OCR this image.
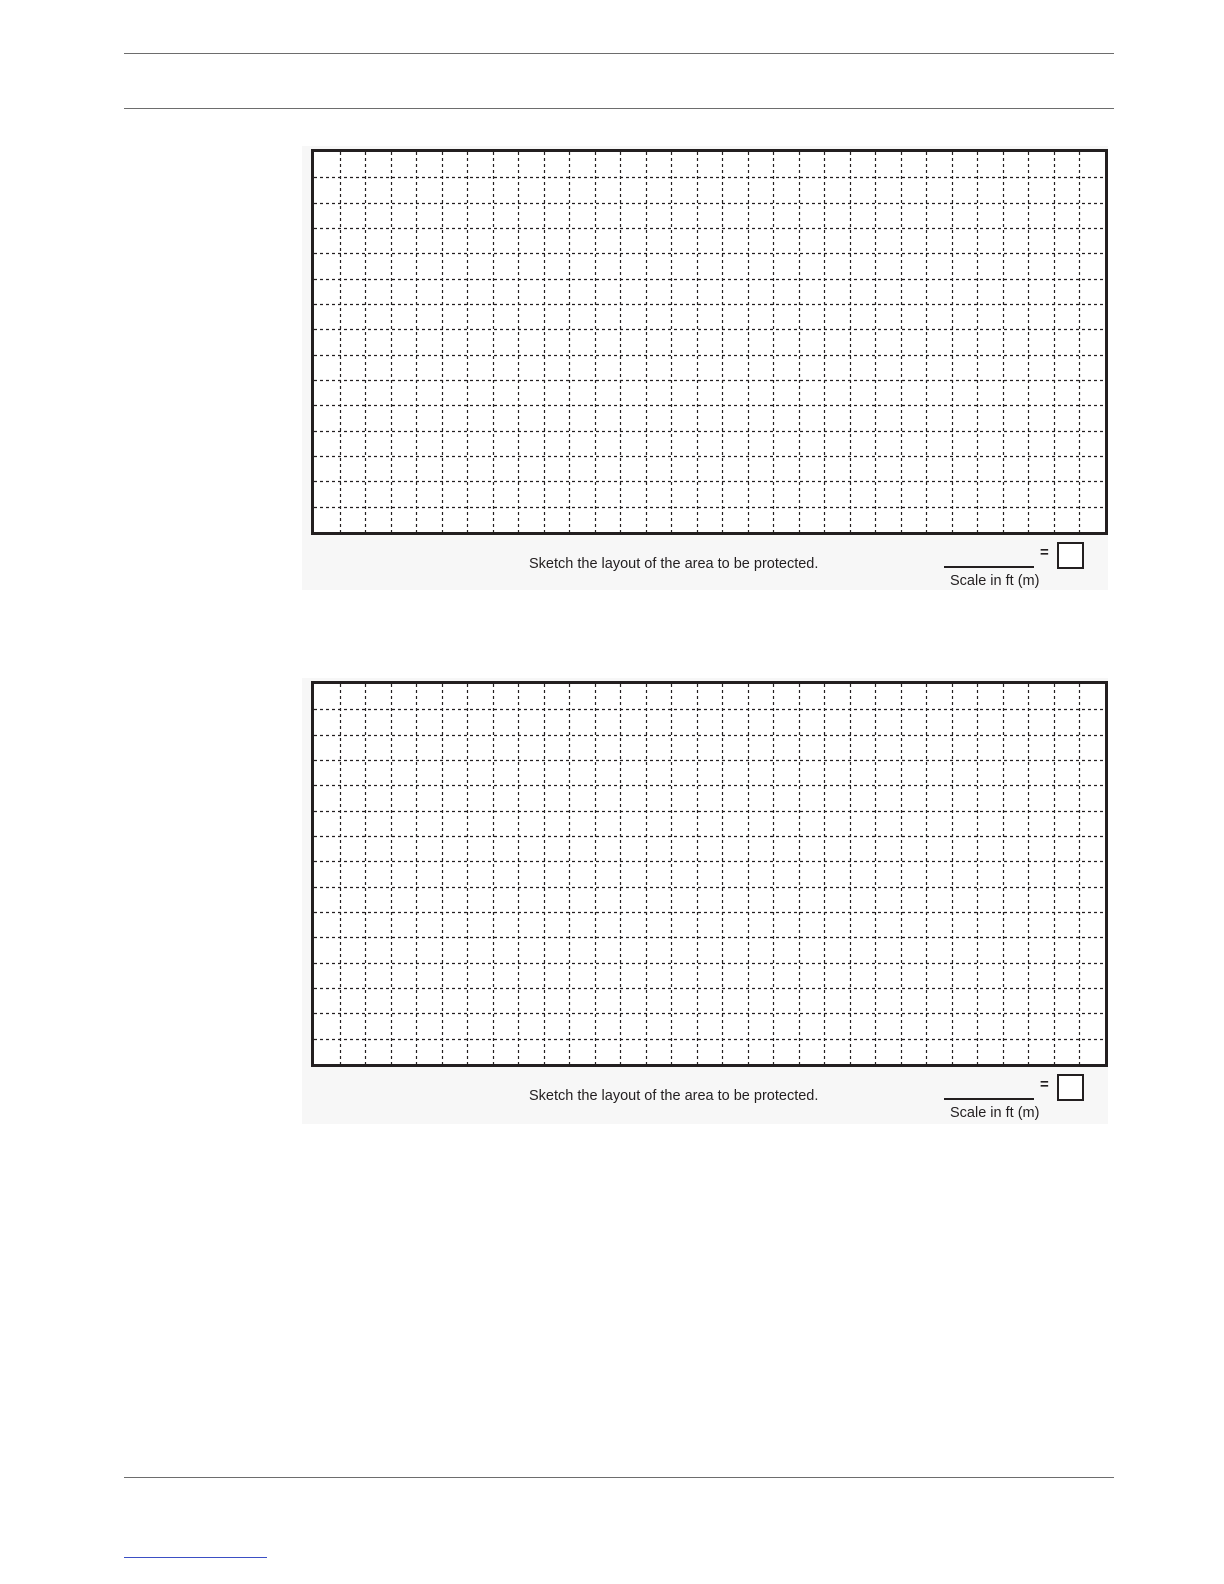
Sketch the layout of the area to be protected.
=
Scale in ft (m)
Sketch the layout of the area to be protected.
=
Scale in ft (m)
